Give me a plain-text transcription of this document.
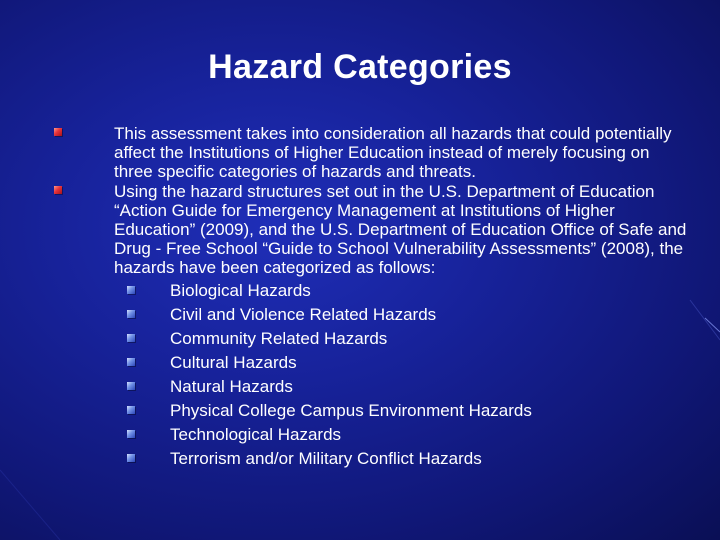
Hazard Categories
This assessment takes into consideration all hazards that could potentially affect the Institutions of Higher Education instead of merely focusing on three specific categories of hazards and threats.
Using the hazard structures set out in the U.S. Department of Education “Action Guide for Emergency Management at Institutions of Higher Education” (2009), and the U.S. Department of Education Office of Safe and Drug - Free School “Guide to School Vulnerability Assessments” (2008), the hazards have been categorized as follows:
Biological Hazards
Civil and Violence Related Hazards
Community Related Hazards
Cultural Hazards
Natural Hazards
Physical College Campus Environment Hazards
Technological Hazards
Terrorism and/or Military Conflict Hazards
